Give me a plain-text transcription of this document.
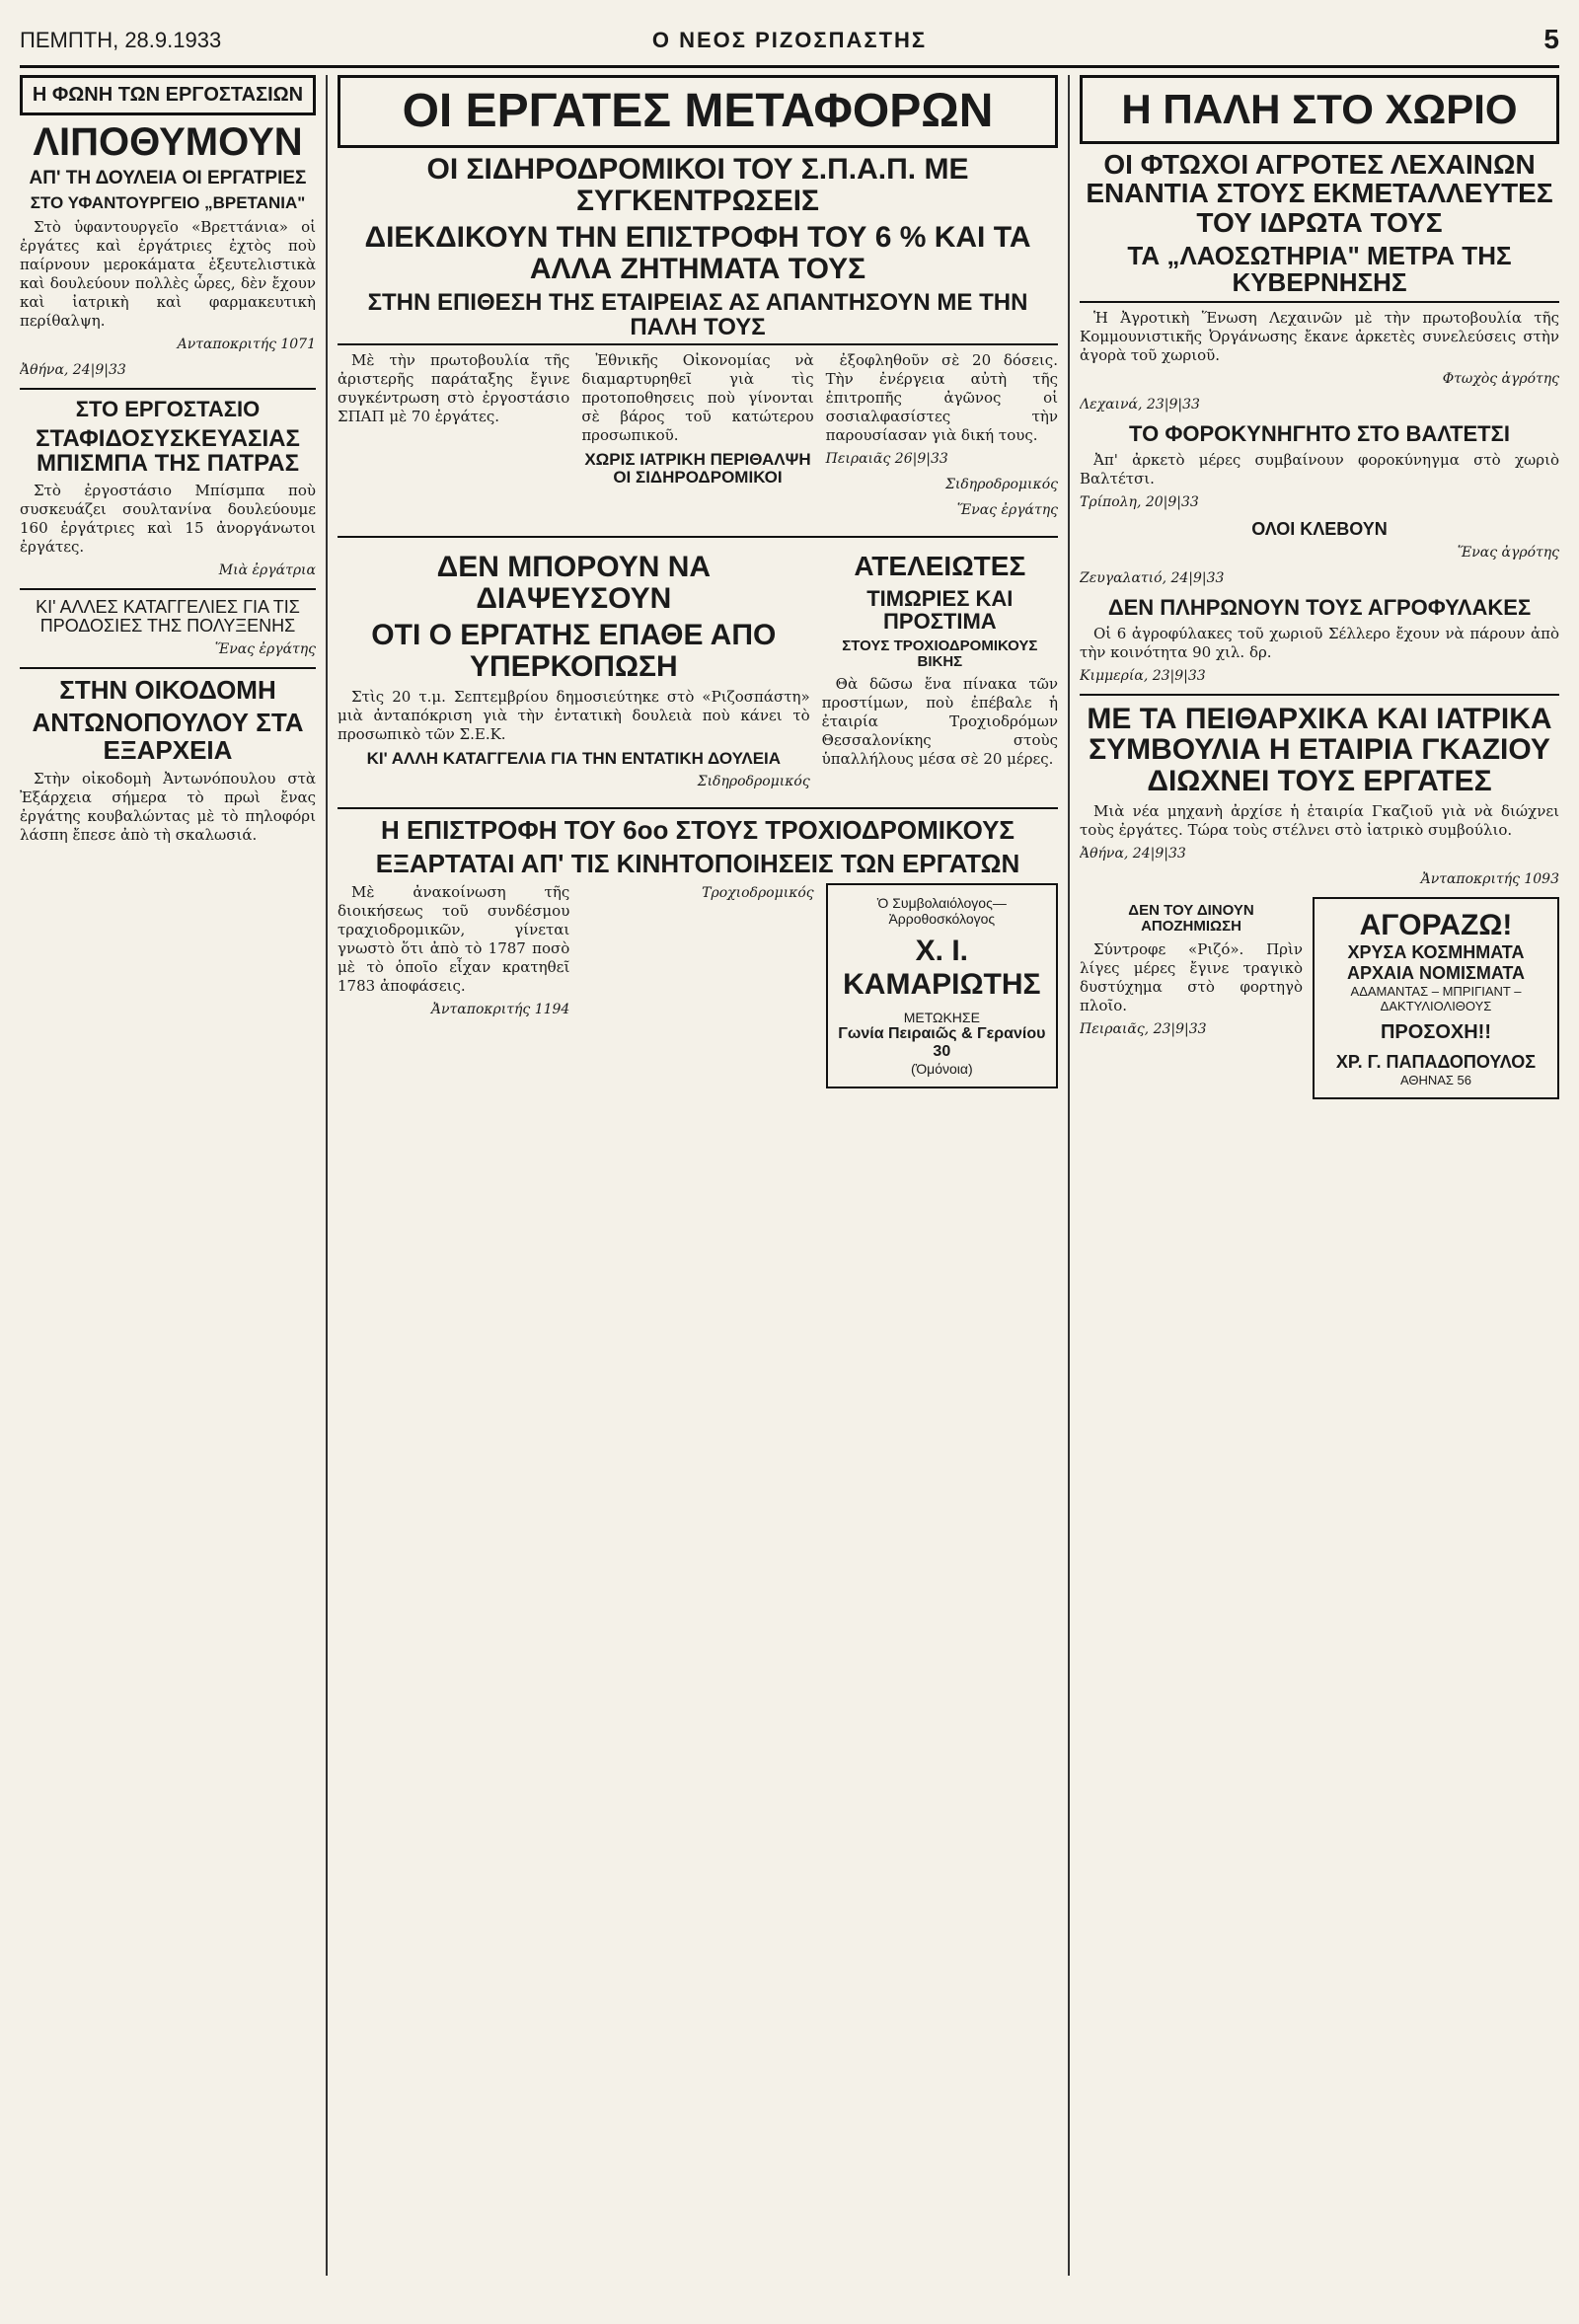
ΠΕΜΠΤΗ, 28.9.1933	Ο ΝΕΟΣ ΡΙΖΟΣΠΑΣΤΗΣ	5
Η ΦΩΝΗ ΤΩΝ ΕΡΓΟΣΤΑΣΙΩΝ
ΛΙΠΟΘΥΜΟΥΝ
ΑΠ' ΤΗ ΔΟΥΛΕΙΑ ΟΙ ΕΡΓΑΤΡΙΕΣ
ΣΤΟ ΥΦΑΝΤΟΥΡΓΕΙΟ „ΒΡΕΤΑΝΙΑ"

Στὸ ὑφαντουργεῖο «Βρεττάνια» οἱ ἐργάτες καὶ ἐργάτριες ἐχτὸς ποὺ παίρνουν μεροκάματα ἐξευτελιστικὰ καὶ δουλεύουν πολλὲς ὧρες, δὲν ἔχουν καὶ ἰατρικὴ καὶ φαρμακευτικὴ περίθαλψη.

Ανταποκριτής 1071
Ἀθήνα, 24|9|33
ΣΤΟ ΕΡΓΟΣΤΑΣΙΟ
ΣΤΑΦΙΔΟΣΥΣΚΕΥΑΣΙΑΣ ΜΠΙΣΜΠΑ ΤΗΣ ΠΑΤΡΑΣ

Στὸ ἐργοστάσιο Μπίσμπα ποὺ συσκευάζει σουλτανίνα δουλεύουμε 160 ἐργάτριες καὶ 15 ἀνοργάνωτοι ἐργάτες.

Μιὰ ἐργάτρια
ΚΙ' ΑΛΛΕΣ ΚΑΤΑΓΓΕΛΙΕΣ ΓΙΑ ΤΙΣ ΠΡΟΔΟΣΙΕΣ ΤΗΣ ΠΟΛΥΞΕΝΗΣ
Ἕνας ἐργάτης
ΣΤΗΝ ΟΙΚΟΔΟΜΗ
ΑΝΤΩΝΟΠΟΥΛΟΥ ΣΤΑ ΕΞΑΡΧΕΙΑ

Στὴν οἰκοδομὴ Ἀντωνόπουλου στὰ Ἐξάρχεια σήμερα τὸ πρωὶ ἔνας ἐργάτης κουβαλώντας μὲ τὸ πηλοφόρι λάσπη ἔπεσε ἀπὸ τὴ σκαλωσιά.

ΟΙ ΕΡΓΑΤΕΣ ΜΕΤΑΦΟΡΩΝ
ΟΙ ΣΙΔΗΡΟΔΡΟΜΙΚΟΙ ΤΟΥ Σ.Π.Α.Π. ΜΕ ΣΥΓΚΕΝΤΡΩΣΕΙΣ
ΔΙΕΚΔΙΚΟΥΝ ΤΗΝ ΕΠΙΣΤΡΟΦΗ ΤΟΥ 6 % ΚΑΙ ΤΑ ΑΛΛΑ ΖΗΤΗΜΑΤΑ ΤΟΥΣ
ΣΤΗΝ ΕΠΙΘΕΣΗ ΤΗΣ ΕΤΑΙΡΕΙΑΣ ΑΣ ΑΠΑΝΤΗΣΟΥΝ ΜΕ ΤΗΝ ΠΑΛΗ ΤΟΥΣ

Μὲ τὴν πρωτοβουλία τῆς ἀριστερῆς παράταξης ἔγινε συγκέντρωση στὸ ἐργοστάσιο ΣΠΑΠ μὲ 70 ἐργάτες.

Ἐθνικῆς Οἰκονομίας νὰ διαμαρτυρηθεῖ γιὰ τὶς προτοποθησεις ποὺ γίνονται σὲ βάρος τοῦ κατώτερου προσωπικοῦ.

ΧΩΡΙΣ ΙΑΤΡΙΚΗ ΠΕΡΙΘΑΛΨΗ ΟΙ ΣΙΔΗΡΟΔΡΟΜΙΚΟΙ

ἐξοφληθοῦν σὲ 20 δόσεις. Τὴν ἐνέργεια αὐτὴ τῆς ἐπιτροπῆς ἀγῶνος οἱ σοσιαλφασίστες τὴν παρουσίασαν γιὰ δική τους.

Πειραιᾶς 26|9|33
Σιδηροδρομικός
Ἕνας ἐργάτης
ΔΕΝ ΜΠΟΡΟΥΝ ΝΑ ΔΙΑΨΕΥΣΟΥΝ
ΟΤΙ Ο ΕΡΓΑΤΗΣ ΕΠΑΘΕ ΑΠΟ ΥΠΕΡΚΟΠΩΣΗ

Στὶς 20 τ.μ. Σεπτεμβρίου δημοσιεύτηκε στὸ «Ριζοσπάστη» μιὰ ἀνταπόκριση γιὰ τὴν ἐντατικὴ δουλειὰ ποὺ κάνει τὸ προσωπικὸ τῶν Σ.Ε.Κ.

ΚΙ' ΑΛΛΗ ΚΑΤΑΓΓΕΛΙΑ ΓΙΑ ΤΗΝ ΕΝΤΑΤΙΚΗ ΔΟΥΛΕΙΑ
Σιδηροδρομικός
ΑΤΕΛΕΙΩΤΕΣ
ΤΙΜΩΡΙΕΣ ΚΑΙ ΠΡΟΣΤΙΜΑ
ΣΤΟΥΣ ΤΡΟΧΙΟΔΡΟΜΙΚΟΥΣ ΒΙΚΗΣ

Θὰ δῶσω ἕνα πίνακα τῶν προστίμων, ποὺ ἐπέβαλε ἡ ἐταιρία Τροχιοδρόμων Θεσσαλονίκης στοὺς ὑπαλλήλους μέσα σὲ 20 μέρες.

Η ΕΠΙΣΤΡΟΦΗ ΤΟΥ 6οο ΣΤΟΥΣ ΤΡΟΧΙΟΔΡΟΜΙΚΟΥΣ
ΕΞΑΡΤΑΤΑΙ ΑΠ' ΤΙΣ ΚΙΝΗΤΟΠΟΙΗΣΕΙΣ ΤΩΝ ΕΡΓΑΤΩΝ

Μὲ ἀνακοίνωση τῆς διοικήσεως τοῦ συνδέσμου τραχιοδρομικῶν, γίνεται γνωστὸ ὅτι ἀπὸ τὸ 1787 ποσὸ μὲ τὸ ὁποῖο εἶχαν κρατηθεῖ 1783 ἀποφάσεις.

Ἀνταποκριτής 1194
Τροχιοδρομικός
Ὁ Συμβολαιόλογος—Ἀρροθοσκόλογος
Χ. Ι. ΚΑΜΑΡΙΩΤΗΣ
ΜΕΤΩΚΗΣΕ
Γωνία Πειραιῶς & Γερανίου 30
(Ὀμόνοια)
Η ΠΑΛΗ ΣΤΟ ΧΩΡΙΟ
ΟΙ ΦΤΩΧΟΙ ΑΓΡΟΤΕΣ ΛΕΧΑΙΝΩΝ ΕΝΑΝΤΙΑ ΣΤΟΥΣ ΕΚΜΕΤΑΛΛΕΥΤΕΣ ΤΟΥ ΙΔΡΩΤΑ ΤΟΥΣ
ΤΑ „ΛΑΟΣΩΤΗΡΙΑ" ΜΕΤΡΑ ΤΗΣ ΚΥΒΕΡΝΗΣΗΣ

Ἡ Ἀγροτικὴ Ἕνωση Λεχαινῶν μὲ τὴν πρωτοβουλία τῆς Κομμουνιστικῆς Ὀργάνωσης ἔκανε ἀρκετὲς συνελεύσεις στὴν ἀγορὰ τοῦ χωριοῦ.

Φτωχὸς ἀγρότης
Λεχαινά, 23|9|33
ΤΟ ΦΟΡΟΚΥΝΗΓΗΤΟ ΣΤΟ ΒΑΛΤΕΤΣΙ

Ἀπ' ἀρκετὸ μέρες συμβαίνουν φοροκύνηγμα στὸ χωριὸ Βαλτέτσι.

Τρίπολη, 20|9|33
ΟΛΟΙ ΚΛΕΒΟΥΝ
Ἕνας ἀγρότης
Ζευγαλατιό, 24|9|33
ΔΕΝ ΠΛΗΡΩΝΟΥΝ ΤΟΥΣ ΑΓΡΟΦΥΛΑΚΕΣ

Οἱ 6 ἀγροφύλακες τοῦ χωριοῦ Σέλλερο ἔχουν νὰ πάρουν ἀπὸ τὴν κοινότητα 90 χιλ. δρ.

Κιμμερία, 23|9|33
ΜΕ ΤΑ ΠΕΙΘΑΡΧΙΚΑ ΚΑΙ ΙΑΤΡΙΚΑ ΣΥΜΒΟΥΛΙΑ Η ΕΤΑΙΡΙΑ ΓΚΑΖΙΟΥ ΔΙΩΧΝΕΙ ΤΟΥΣ ΕΡΓΑΤΕΣ

Μιὰ νέα μηχανὴ ἀρχίσε ἡ ἐταιρία Γκαζιοῦ γιὰ νὰ διώχνει τοὺς ἐργάτες. Τώρα τοὺς στέλνει στὸ ἰατρικὸ συμβούλιο.

Ἀθήνα, 24|9|33
Ἀνταποκριτής 1093
ΔΕΝ ΤΟΥ ΔΙΝΟΥΝ ΑΠΟΖΗΜΙΩΣΗ

Σύντροφε «Ριζό». Πρὶν λίγες μέρες ἔγινε τραγικὸ δυστύχημα στὸ φορτηγὸ πλοῖο.

Πειραιᾶς, 23|9|33
ΑΓΟΡΑΖΩ!
ΧΡΥΣΑ ΚΟΣΜΗΜΑΤΑ
ΑΡΧΑΙΑ ΝΟΜΙΣΜΑΤΑ
ΑΔΑΜΑΝΤΑΣ – ΜΠΡΙΓΙΑΝΤ – ΔΑΚΤΥΛΙΟΛΙΘΟΥΣ
ΠΡΟΣΟΧΗ!!
ΧΡ. Γ. ΠΑΠΑΔΟΠΟΥΛΟΣ
ΑΘΗΝΑΣ 56
